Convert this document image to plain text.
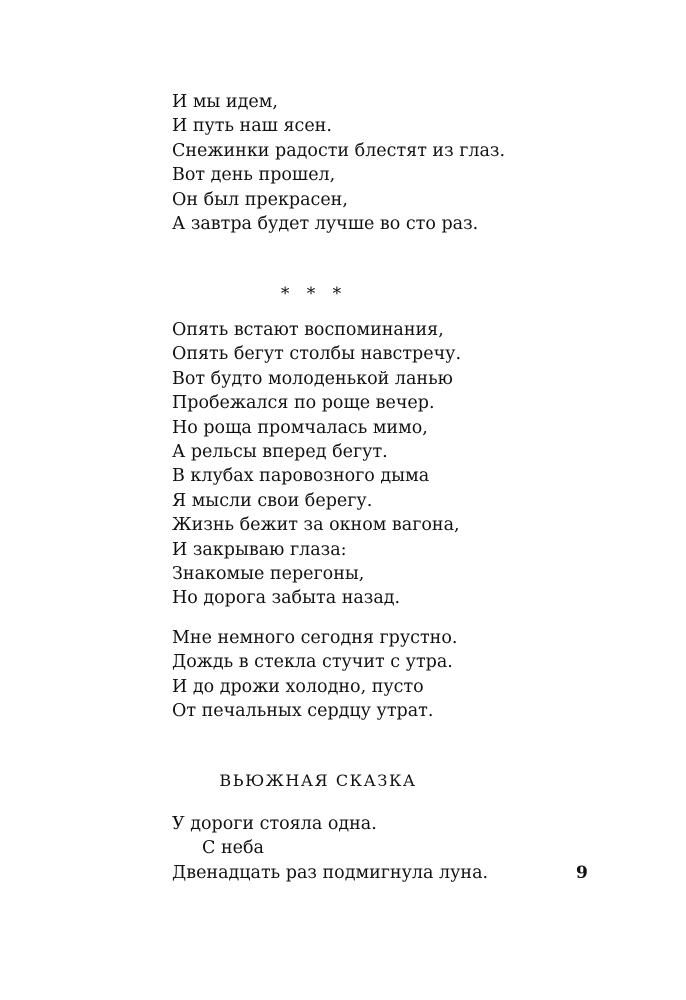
И мы идем,
И путь наш ясен.
Снежинки радости блестят из глаз.
Вот день прошел,
Он был прекрасен,
А завтра будет лучше во сто раз.
* * *
Опять встают воспоминания,
Опять бегут столбы навстречу.
Вот будто молоденькой ланью
Пробежался по роще вечер.
Но роща промчалась мимо,
А рельсы вперед бегут.
В клубах паровозного дыма
Я мысли свои берегу.
Жизнь бежит за окном вагона,
И закрываю глаза:
Знакомые перегоны,
Но дорога забыта назад.
Мне немного сегодня грустно.
Дождь в стекла стучит с утра.
И до дрожи холодно, пусто
От печальных сердцу утрат.
ВЬЮЖНАЯ СКАЗКА
У дороги стояла одна.
С неба
Двенадцать раз подмигнула луна.	9
